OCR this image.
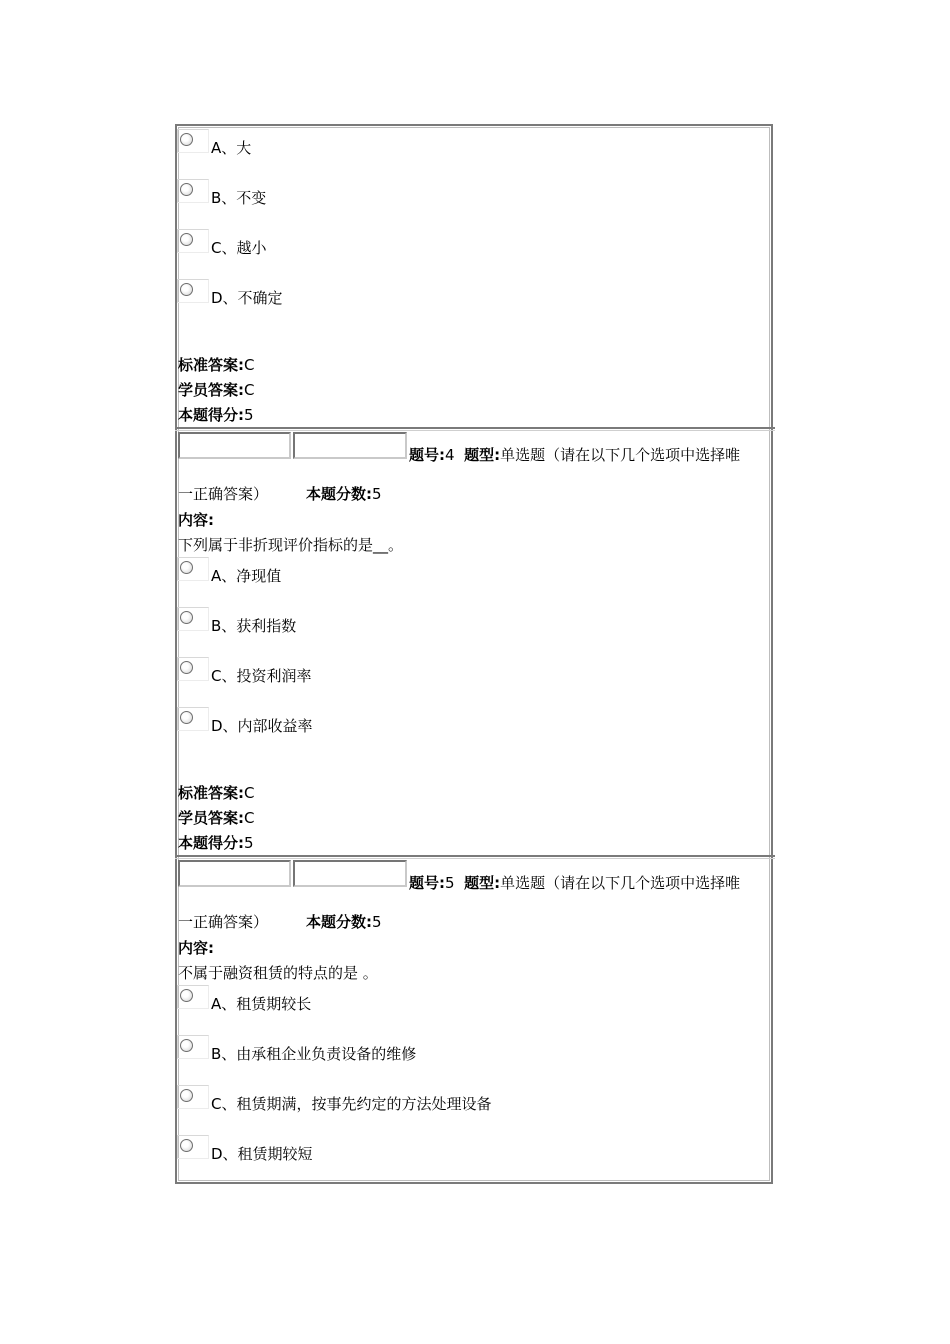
A、大
B、不变
C、越小
D、不确定
标准答案:C
学员答案:C
本题得分:5
题号:4 题型:单选题（请在以下几个选项中选择唯
一正确答案）	本题分数:5
内容:
下列属于非折现评价指标的是__。
A、净现值
B、获利指数
C、投资利润率
D、内部收益率
标准答案:C
学员答案:C
本题得分:5
题号:5 题型:单选题（请在以下几个选项中选择唯
一正确答案）	本题分数:5
内容:
不属于融资租赁的特点的是 。
A、租赁期较长
B、由承租企业负责设备的维修
C、租赁期满，按事先约定的方法处理设备
D、租赁期较短
